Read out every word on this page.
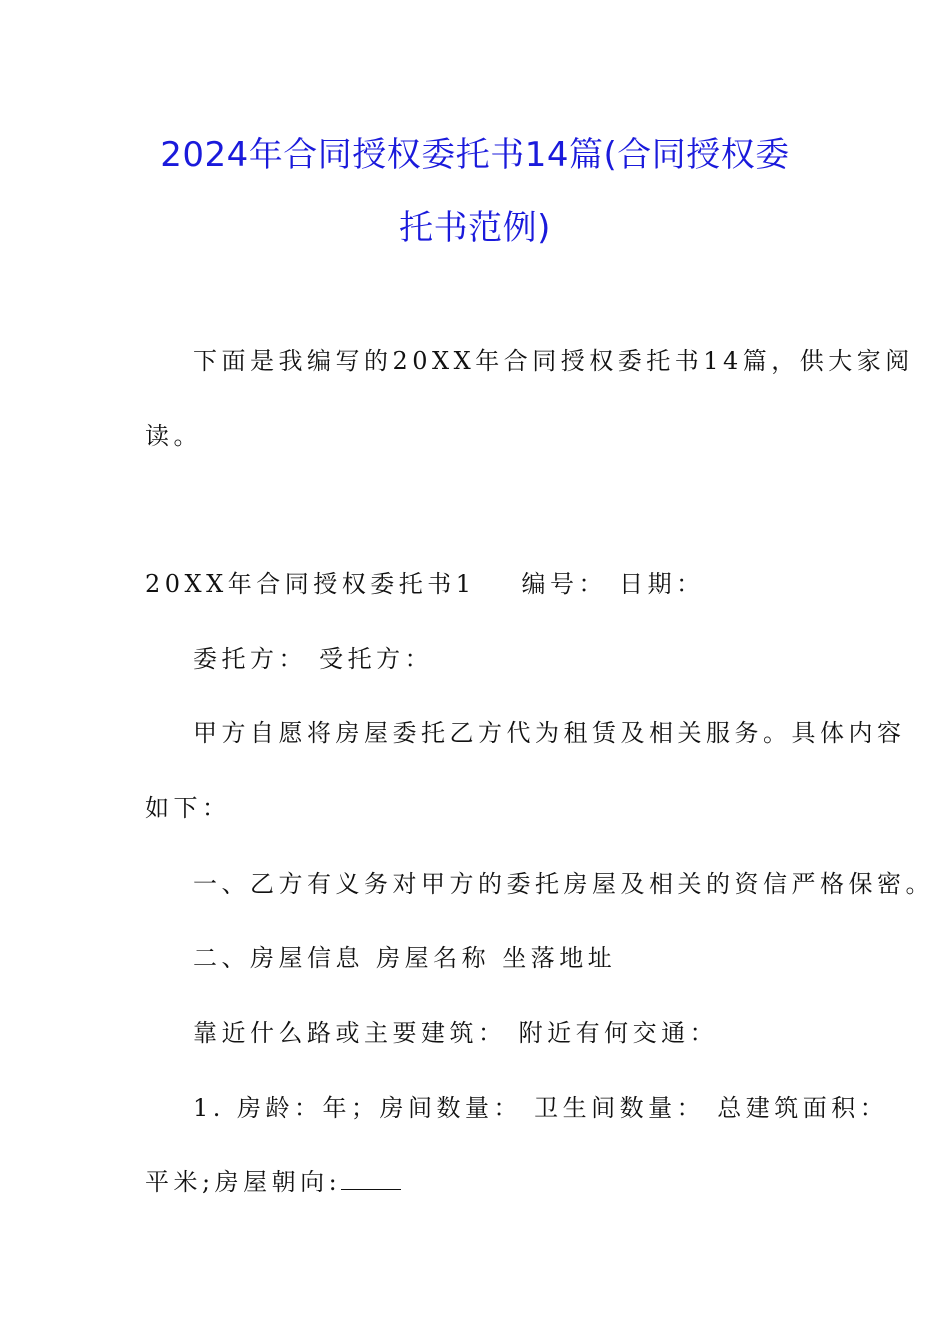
2024年合同授权委托书14篇(合同授权委
托书范例)
下面是我编写的20XX年合同授权委托书14篇，供大家阅
读。
20XX年合同授权委托书1 编号： 日期：
委托方： 受托方：
甲方自愿将房屋委托乙方代为租赁及相关服务。具体内容
如下：
一、乙方有义务对甲方的委托房屋及相关的资信严格保密。
二、房屋信息 房屋名称 坐落地址
靠近什么路或主要建筑： 附近有何交通：
1. 房龄：年；房间数量： 卫生间数量： 总建筑面积：
平米;房屋朝向:
